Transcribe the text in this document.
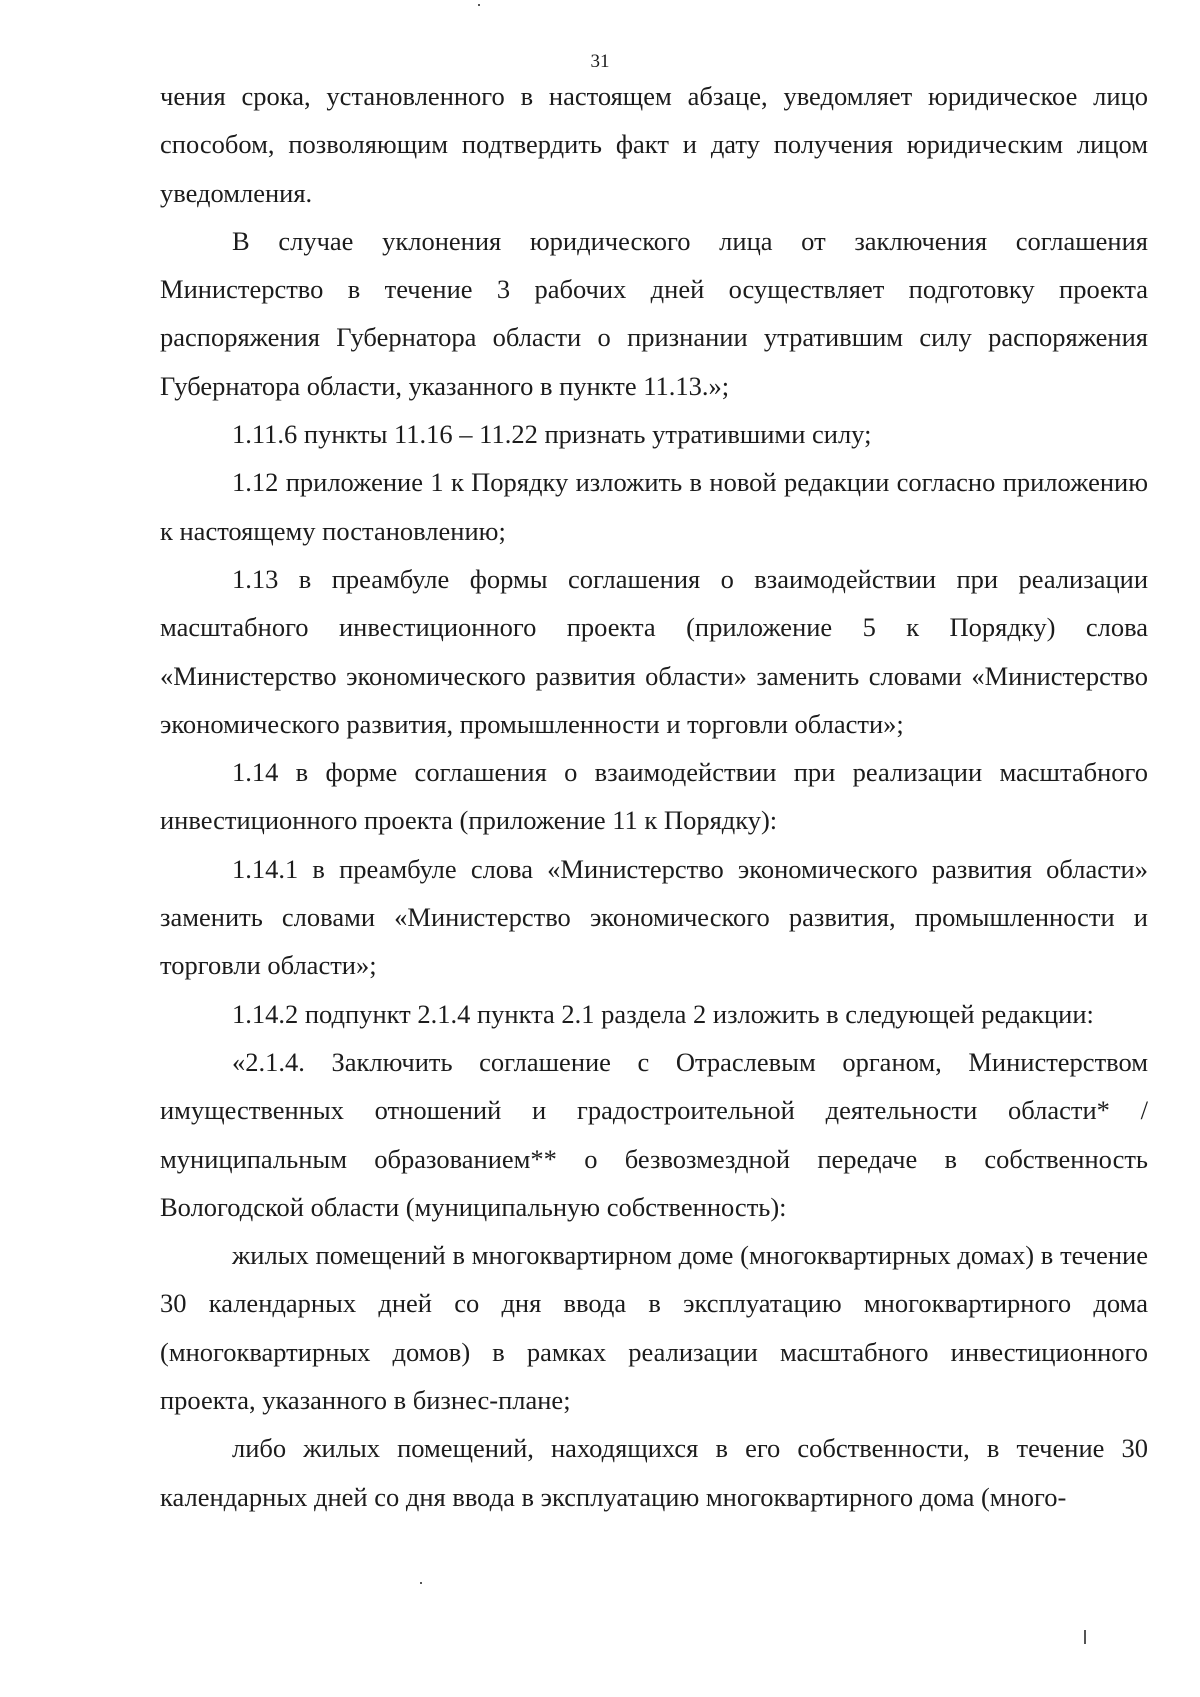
31

чения срока, установленного в настоящем абзаце, уведомляет юридическое лицо способом, позволяющим подтвердить факт и дату получения юридическим лицом уведомления.

В случае уклонения юридического лица от заключения соглашения Министерство в течение 3 рабочих дней осуществляет подготовку проекта распоряжения Губернатора области о признании утратившим силу распоряжения Губернатора области, указанного в пункте 11.13.»;

1.11.6 пункты 11.16 – 11.22 признать утратившими силу;

1.12 приложение 1 к Порядку изложить в новой редакции согласно приложению к настоящему постановлению;

1.13 в преамбуле формы соглашения о взаимодействии при реализации масштабного инвестиционного проекта (приложение 5 к Порядку) слова «Министерство экономического развития области» заменить словами «Министерство экономического развития, промышленности и торговли области»;

1.14 в форме соглашения о взаимодействии при реализации масштабного инвестиционного проекта (приложение 11 к Порядку):

1.14.1 в преамбуле слова «Министерство экономического развития области» заменить словами «Министерство экономического развития, промышленности и торговли области»;

1.14.2 подпункт 2.1.4 пункта 2.1 раздела 2 изложить в следующей редакции:

«2.1.4. Заключить соглашение с Отраслевым органом, Министерством имущественных отношений и градостроительной деятельности области* / муниципальным образованием** о безвозмездной передаче в собственность Вологодской области (муниципальную собственность):

жилых помещений в многоквартирном доме (многоквартирных домах) в течение 30 календарных дней со дня ввода в эксплуатацию многоквартирного дома (многоквартирных домов) в рамках реализации масштабного инвестиционного проекта, указанного в бизнес-плане;

либо жилых помещений, находящихся в его собственности, в течение 30 календарных дней со дня ввода в эксплуатацию многоквартирного дома (много-
